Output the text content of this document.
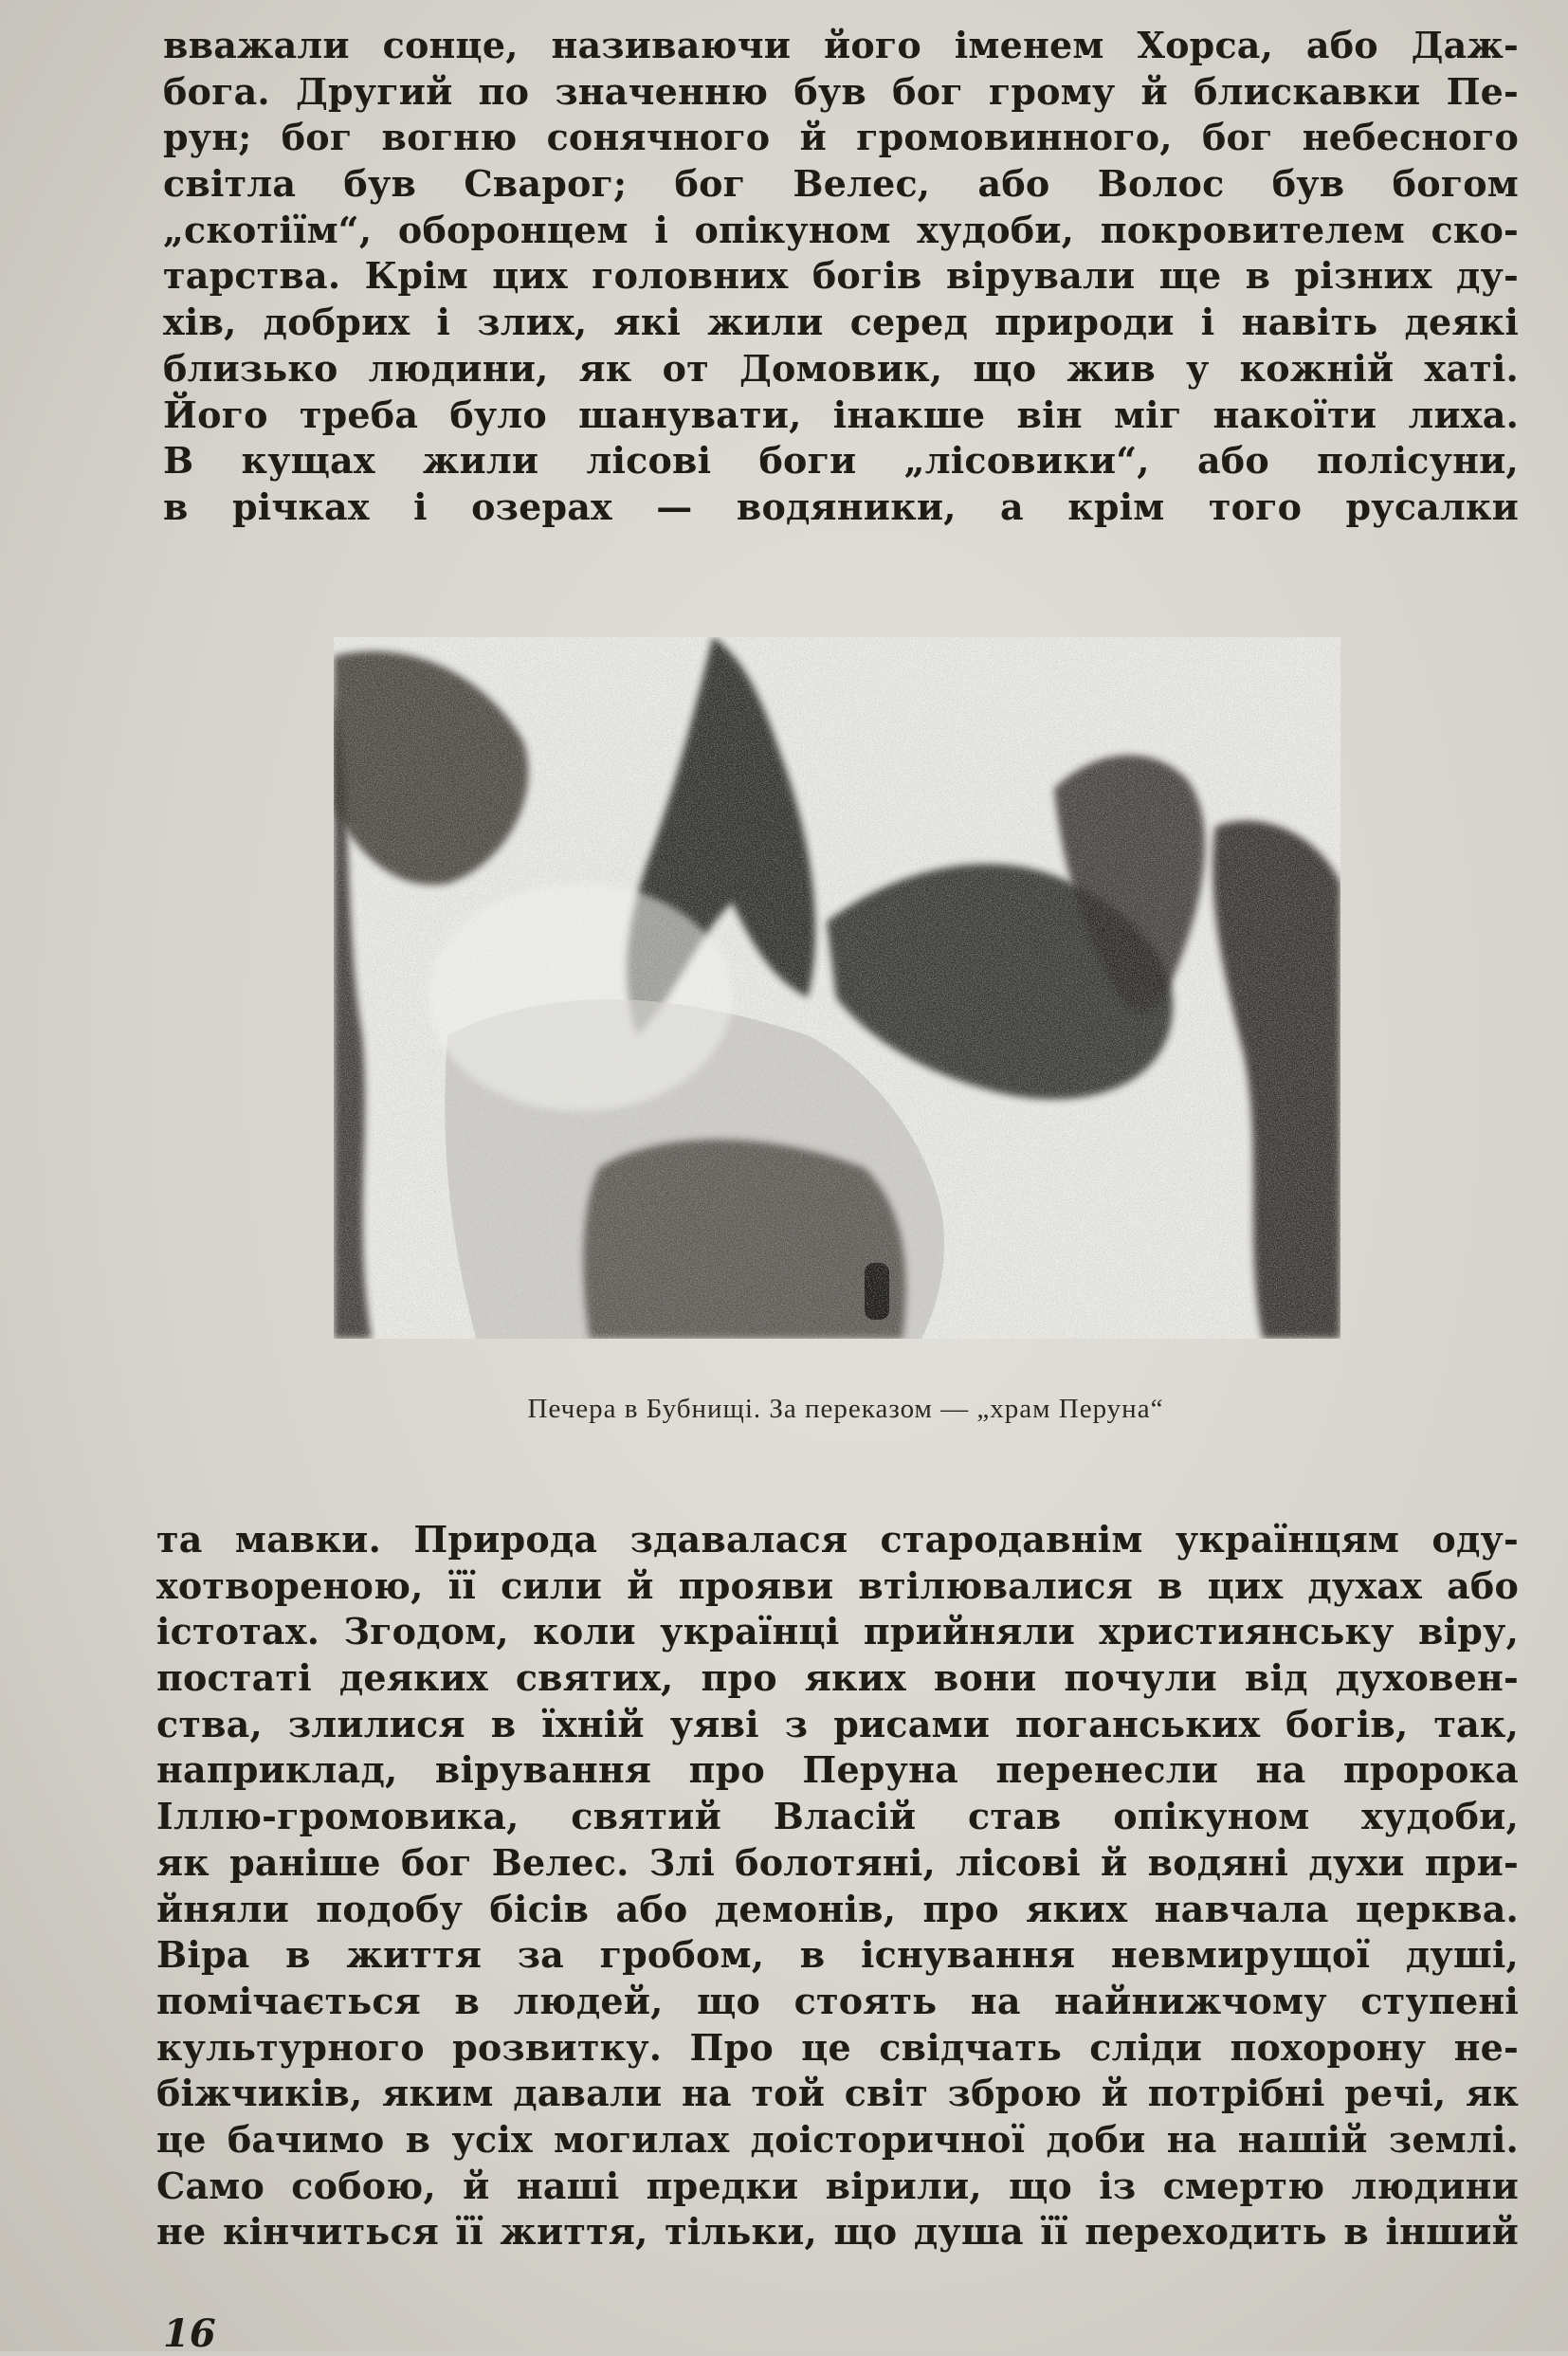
вважали сонце, називаючи його іменем Хорса, або Даж-
бога. Другий по значенню був бог грому й блискавки Пе-
рун; бог вогню сонячного й громовинного, бог небесного
світла був Сварог; бог Велес, або Волос був богом
„скотіїм“, оборонцем і опікуном худоби, покровителем ско-
тарства. Крім цих головних богів вірували ще в різних ду-
хів, добрих і злих, які жили серед природи і навіть деякі
близько людини, як от Домовик, що жив у кожній хаті.
Його треба було шанувати, інакше він міг накоїти лиха.
В кущах жили лісові боги „лісовики“, або полісуни,
в річках і озерах — водяники, а крім того русалки
Печера в Бубнищі. За переказом — „храм Перуна“
та мавки. Природа здавалася стародавнім українцям оду-
хотвореною, її сили й прояви втілювалися в цих духах або
істотах. Згодом, коли українці прийняли християнську віру,
постаті деяких святих, про яких вони почули від духовен-
ства, злилися в їхній уяві з рисами поганських богів, так,
наприклад, вірування про Перуна перенесли на пророка
Іллю-громовика, святий Власій став опікуном худоби,
як раніше бог Велес. Злі болотяні, лісові й водяні духи при-
йняли подобу бісів або демонів, про яких навчала церква.
Віра в життя за гробом, в існування невмирущої душі,
помічається в людей, що стоять на найнижчому ступені
культурного розвитку. Про це свідчать сліди похорону не-
біжчиків, яким давали на той світ зброю й потрібні речі, як
це бачимо в усіх могилах доісторичної доби на нашій землі.
Само собою, й наші предки вірили, що із смертю людини
не кінчиться її життя, тільки, що душа її переходить в інший
16
